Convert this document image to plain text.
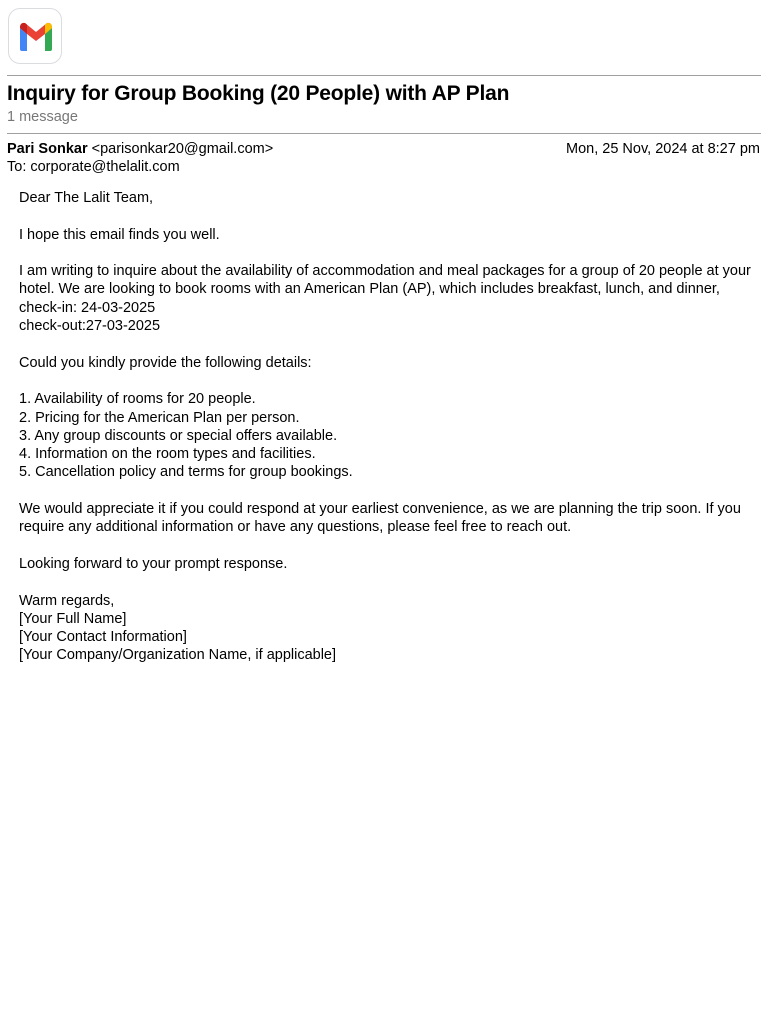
Inquiry for Group Booking (20 People) with AP Plan
1 message
Pari Sonkar <parisonkar20@gmail.com>	Mon, 25 Nov, 2024 at 8:27 pm
To: corporate@thelalit.com
Dear The Lalit Team,
I hope this email finds you well.
I am writing to inquire about the availability of accommodation and meal packages for a group of 20 people at your hotel. We are looking to book rooms with an American Plan (AP), which includes breakfast, lunch, and dinner,
check-in: 24-03-2025
check-out:27-03-2025
Could you kindly provide the following details:
1. Availability of rooms for 20 people.
2. Pricing for the American Plan per person.
3. Any group discounts or special offers available.
4. Information on the room types and facilities.
5. Cancellation policy and terms for group bookings.
We would appreciate it if you could respond at your earliest convenience, as we are planning the trip soon. If you require any additional information or have any questions, please feel free to reach out.
Looking forward to your prompt response.
Warm regards,
[Your Full Name]
[Your Contact Information]
[Your Company/Organization Name, if applicable]
